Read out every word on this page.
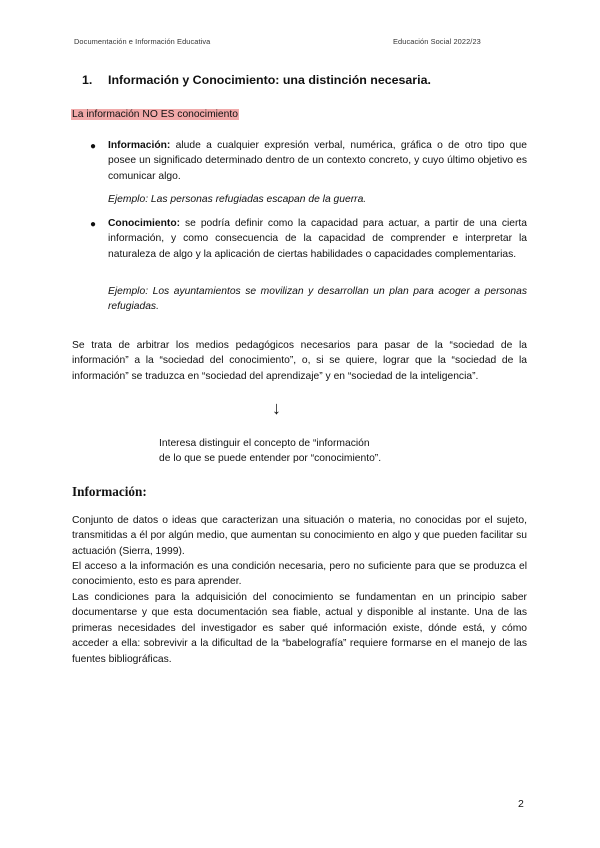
Documentación e Información Educativa	Educación Social 2022/23
1. Información y Conocimiento: una distinción necesaria.
La información NO ES conocimiento
● Información: alude a cualquier expresión verbal, numérica, gráfica o de otro tipo que posee un significado determinado dentro de un contexto concreto, y cuyo último objetivo es comunicar algo.
Ejemplo: Las personas refugiadas escapan de la guerra.
● Conocimiento: se podría definir como la capacidad para actuar, a partir de una cierta información, y como consecuencia de la capacidad de comprender e interpretar la naturaleza de algo y la aplicación de ciertas habilidades o capacidades complementarias.
Ejemplo: Los ayuntamientos se movilizan y desarrollan un plan para acoger a personas refugiadas.
Se trata de arbitrar los medios pedagógicos necesarios para pasar de la “sociedad de la información” a la “sociedad del conocimiento”, o, si se quiere, lograr que la “sociedad de la información” se traduzca en “sociedad del aprendizaje” y en “sociedad de la inteligencia”.
↓
Interesa distinguir el concepto de “información
de lo que se puede entender por “conocimiento”.
Información:
Conjunto de datos o ideas que caracterizan una situación o materia, no conocidas por el sujeto, transmitidas a él por algún medio, que aumentan su conocimiento en algo y que pueden facilitar su actuación (Sierra, 1999).
El acceso a la información es una condición necesaria, pero no suficiente para que se produzca el conocimiento, esto es para aprender.
Las condiciones para la adquisición del conocimiento se fundamentan en un principio saber documentarse y que esta documentación sea fiable, actual y disponible al instante. Una de las primeras necesidades del investigador es saber qué información existe, dónde está, y cómo acceder a ella: sobrevivir a la dificultad de la “babelografía” requiere formarse en el manejo de las fuentes bibliográficas.
2
